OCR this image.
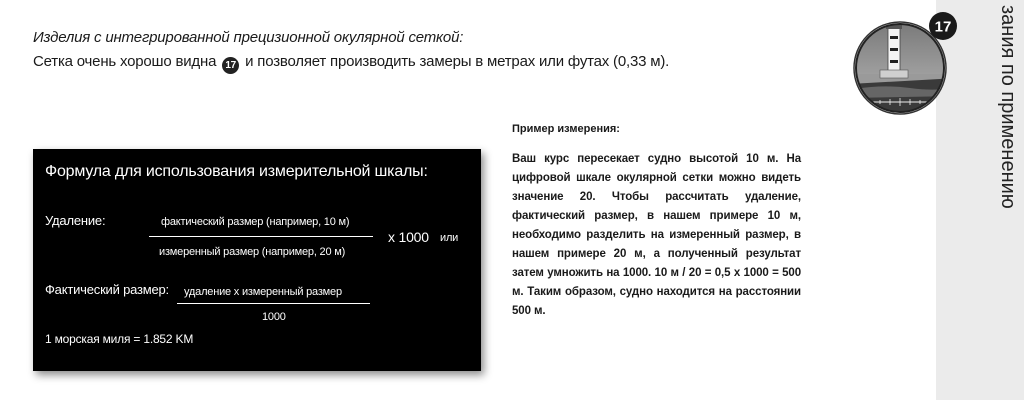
Изделия с интегрированной прецизионной окулярной сеткой:
Сетка очень хорошо видна 17 и позволяет производить замеры в метрах или футах (0,33 м).
Формула для использования измерительной шкалы:
Удаление:	фактический размер (например, 10 м)
измеренный размер (например, 20 м)
x 1000 или
Фактический размер: удаление х измеренный размер
1000
1 морская миля = 1.852 KM
Пример измерения:
Ваш курс пересекает судно высотой 10 м. На цифровой шкале окулярной сетки можно видеть значение 20. Чтобы рассчитать удаление, фактический размер, в нашем примере 10 м, необходимо разделить на измеренный размер, в нашем примере 20 м, а полученный результат затем умножить на 1000. 10 м / 20 = 0,5 х 1000 = 500 м. Таким образом, судно находится на расстоянии 500 м.
зания по применению
17
